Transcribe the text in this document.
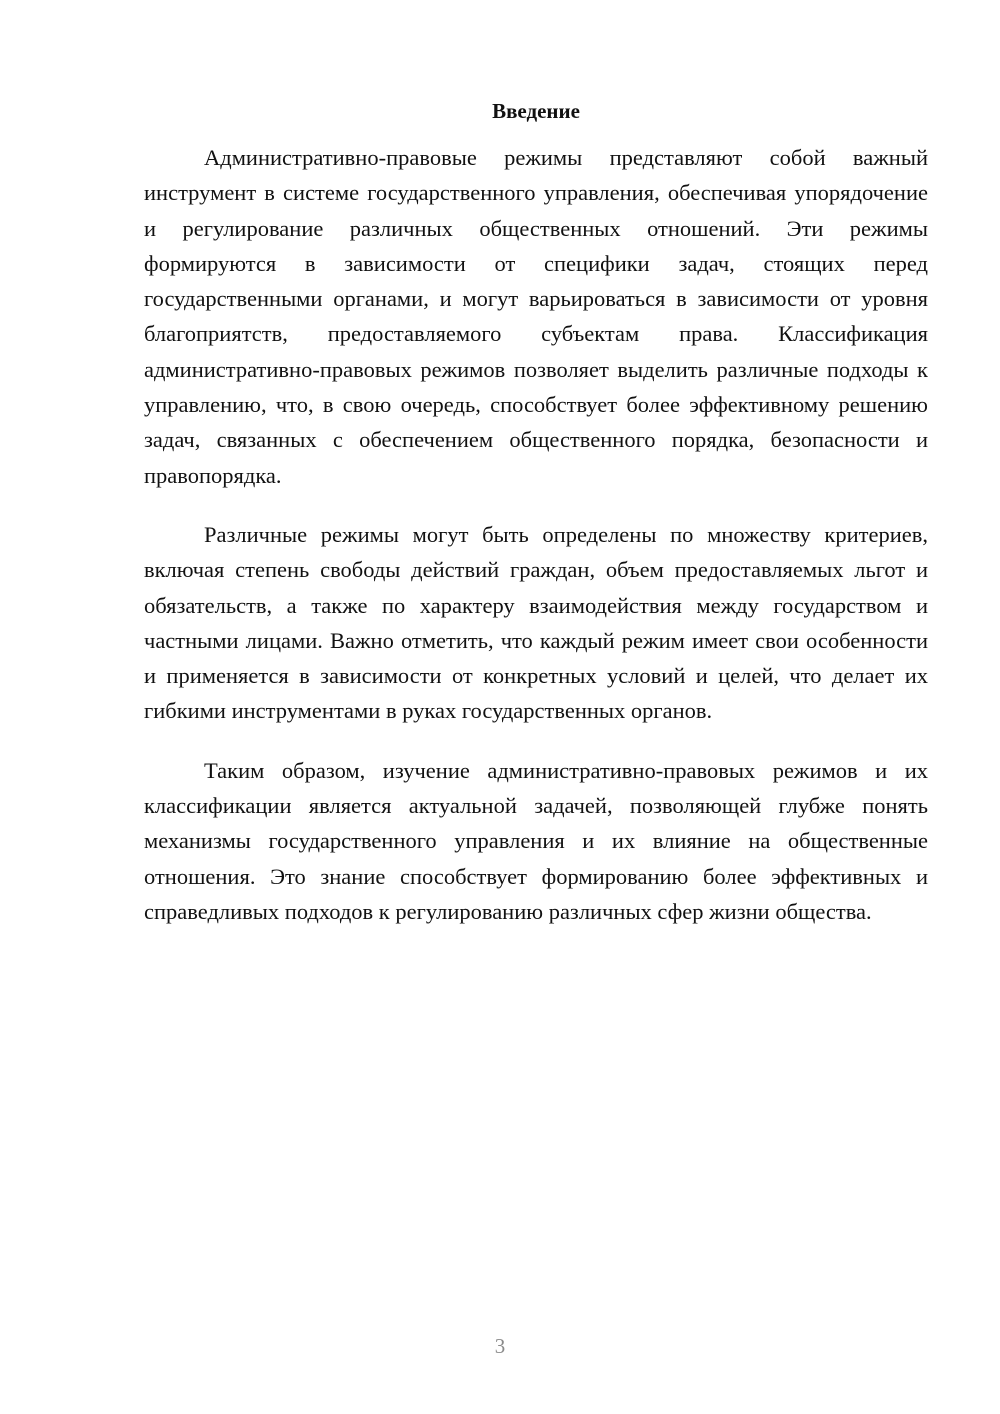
Введение

Административно-правовые режимы представляют собой важный инструмент в системе государственного управления, обеспечивая упорядочение и регулирование различных общественных отношений. Эти режимы формируются в зависимости от специфики задач, стоящих перед государственными органами, и могут варьироваться в зависимости от уровня благоприятств, предоставляемого субъектам права. Классификация административно-правовых режимов позволяет выделить различные подходы к управлению, что, в свою очередь, способствует более эффективному решению задач, связанных с обеспечением общественного порядка, безопасности и правопорядка.

Различные режимы могут быть определены по множеству критериев, включая степень свободы действий граждан, объем предоставляемых льгот и обязательств, а также по характеру взаимодействия между государством и частными лицами. Важно отметить, что каждый режим имеет свои особенности и применяется в зависимости от конкретных условий и целей, что делает их гибкими инструментами в руках государственных органов.

Таким образом, изучение административно-правовых режимов и их классификации является актуальной задачей, позволяющей глубже понять механизмы государственного управления и их влияние на общественные отношения. Это знание способствует формированию более эффективных и справедливых подходов к регулированию различных сфер жизни общества.

3
